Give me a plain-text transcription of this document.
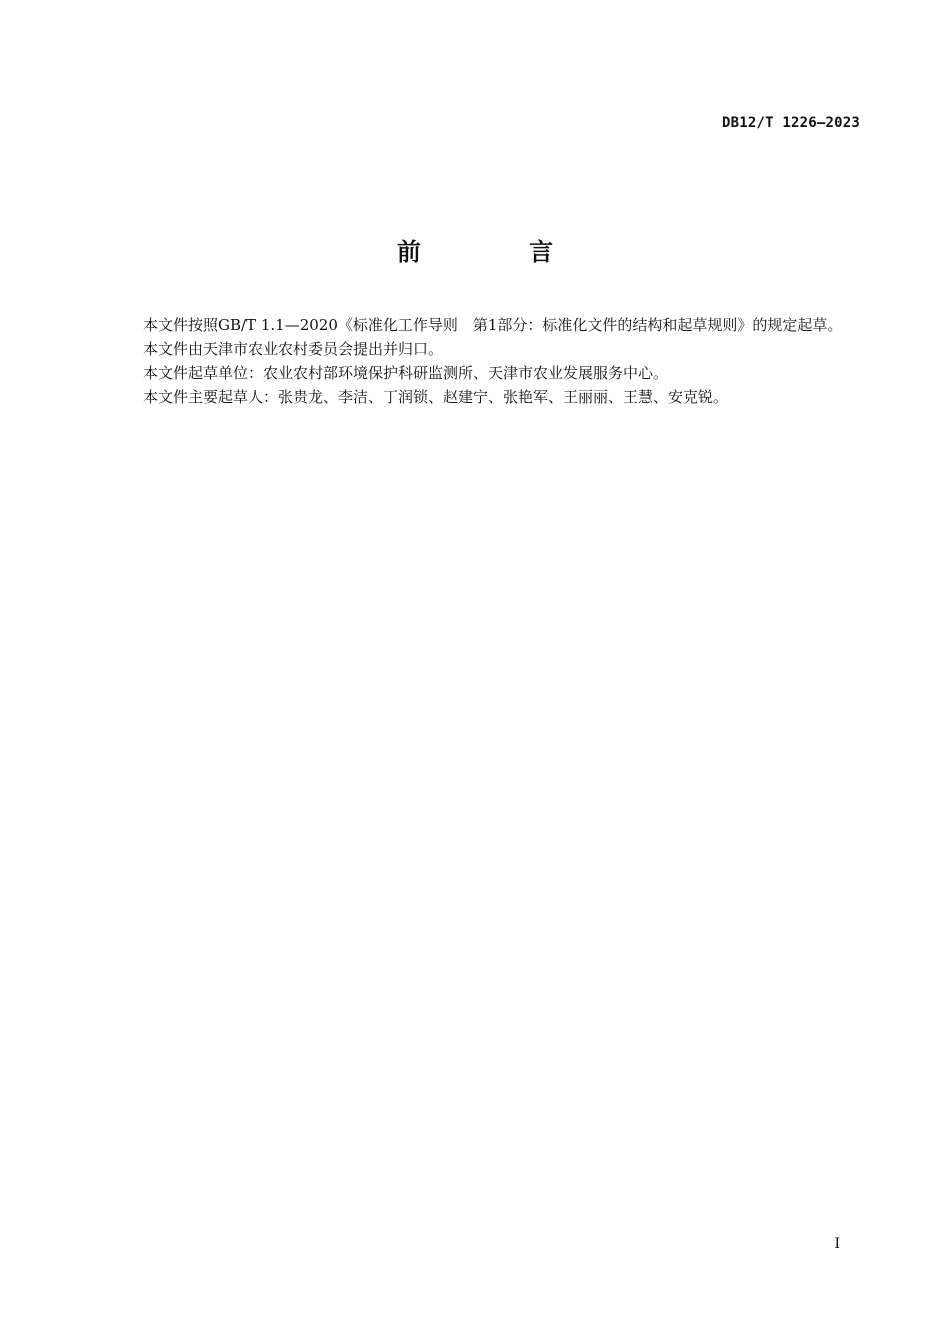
DB12/T 1226—2023
前 言

本文件按照GB/T 1.1—2020《标准化工作导则　第1部分：标准化文件的结构和起草规则》的规定起草。

本文件由天津市农业农村委员会提出并归口。

本文件起草单位：农业农村部环境保护科研监测所、天津市农业发展服务中心。

本文件主要起草人：张贵龙、李洁、丁润锁、赵建宁、张艳军、王丽丽、王慧、安克锐。

I
